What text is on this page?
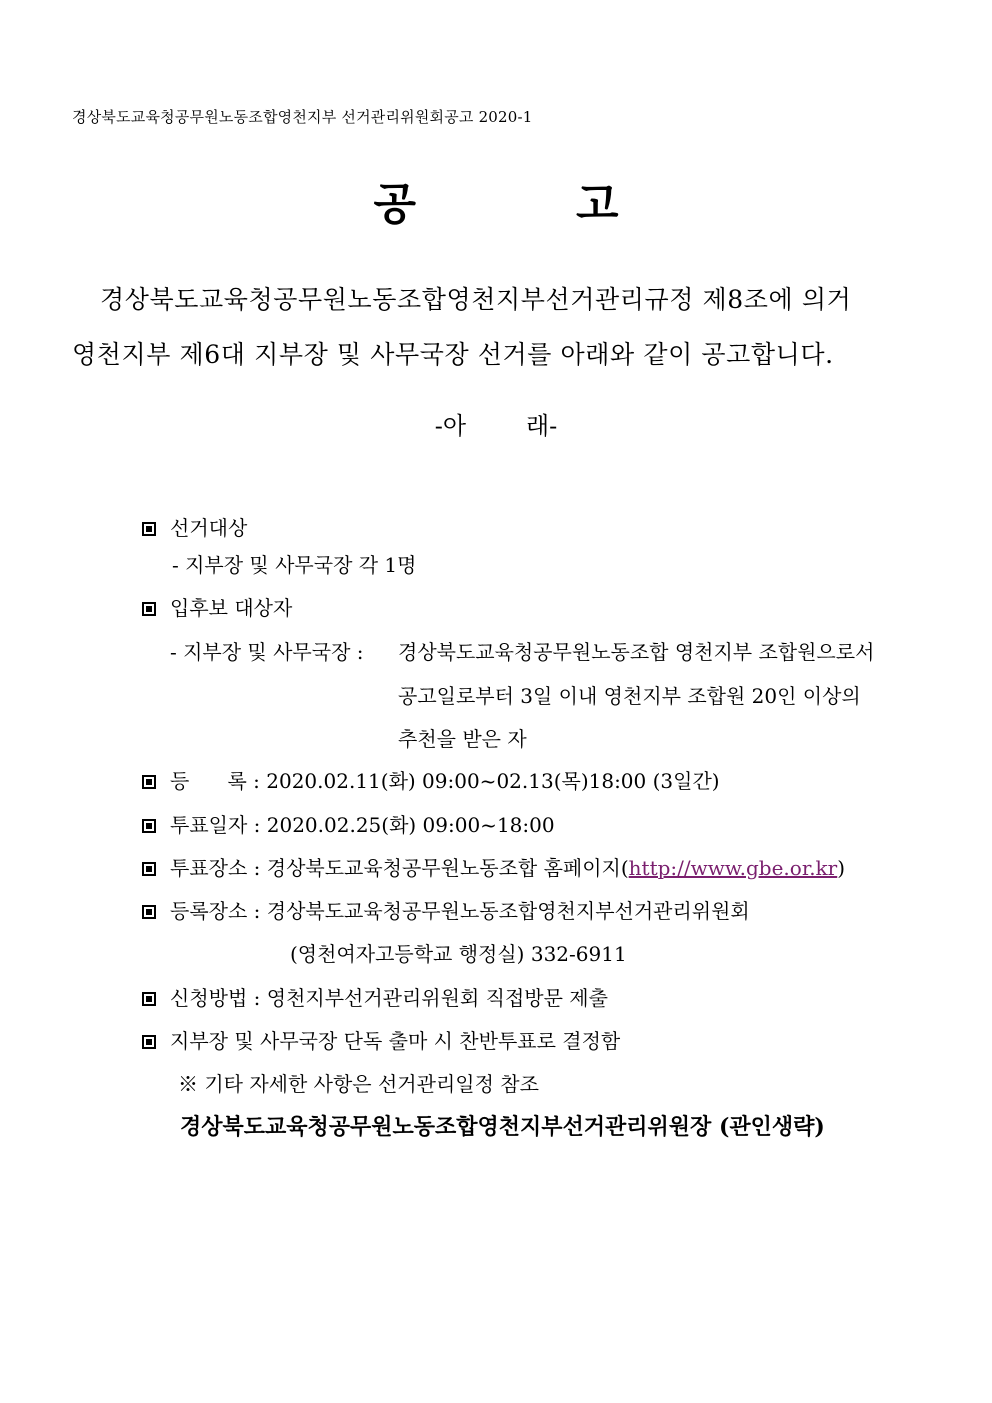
경상북도교육청공무원노동조합영천지부 선거관리위원회공고 2020-1
공	고
경상북도교육청공무원노동조합영천지부선거관리규정 제8조에 의거
영천지부 제6대 지부장 및 사무국장 선거를 아래와 같이 공고합니다.
-아	래-
선거대상
- 지부장 및 사무국장 각 1명
입후보 대상자
- 지부장 및 사무국장 : 경상북도교육청공무원노동조합 영천지부 조합원으로서
공고일로부터 3일 이내 영천지부 조합원 20인 이상의
추천을 받은 자
등      록 : 2020.02.11(화) 09:00~02.13(목)18:00 (3일간)
투표일자 : 2020.02.25(화) 09:00~18:00
투표장소 : 경상북도교육청공무원노동조합 홈페이지(http://www.gbe.or.kr)
등록장소 : 경상북도교육청공무원노동조합영천지부선거관리위원회
(영천여자고등학교 행정실) 332-6911
신청방법 : 영천지부선거관리위원회 직접방문 제출
지부장 및 사무국장 단독 출마 시 찬반투표로 결정함
※ 기타 자세한 사항은 선거관리일정 참조
경상북도교육청공무원노동조합영천지부선거관리위원장 (관인생략)
